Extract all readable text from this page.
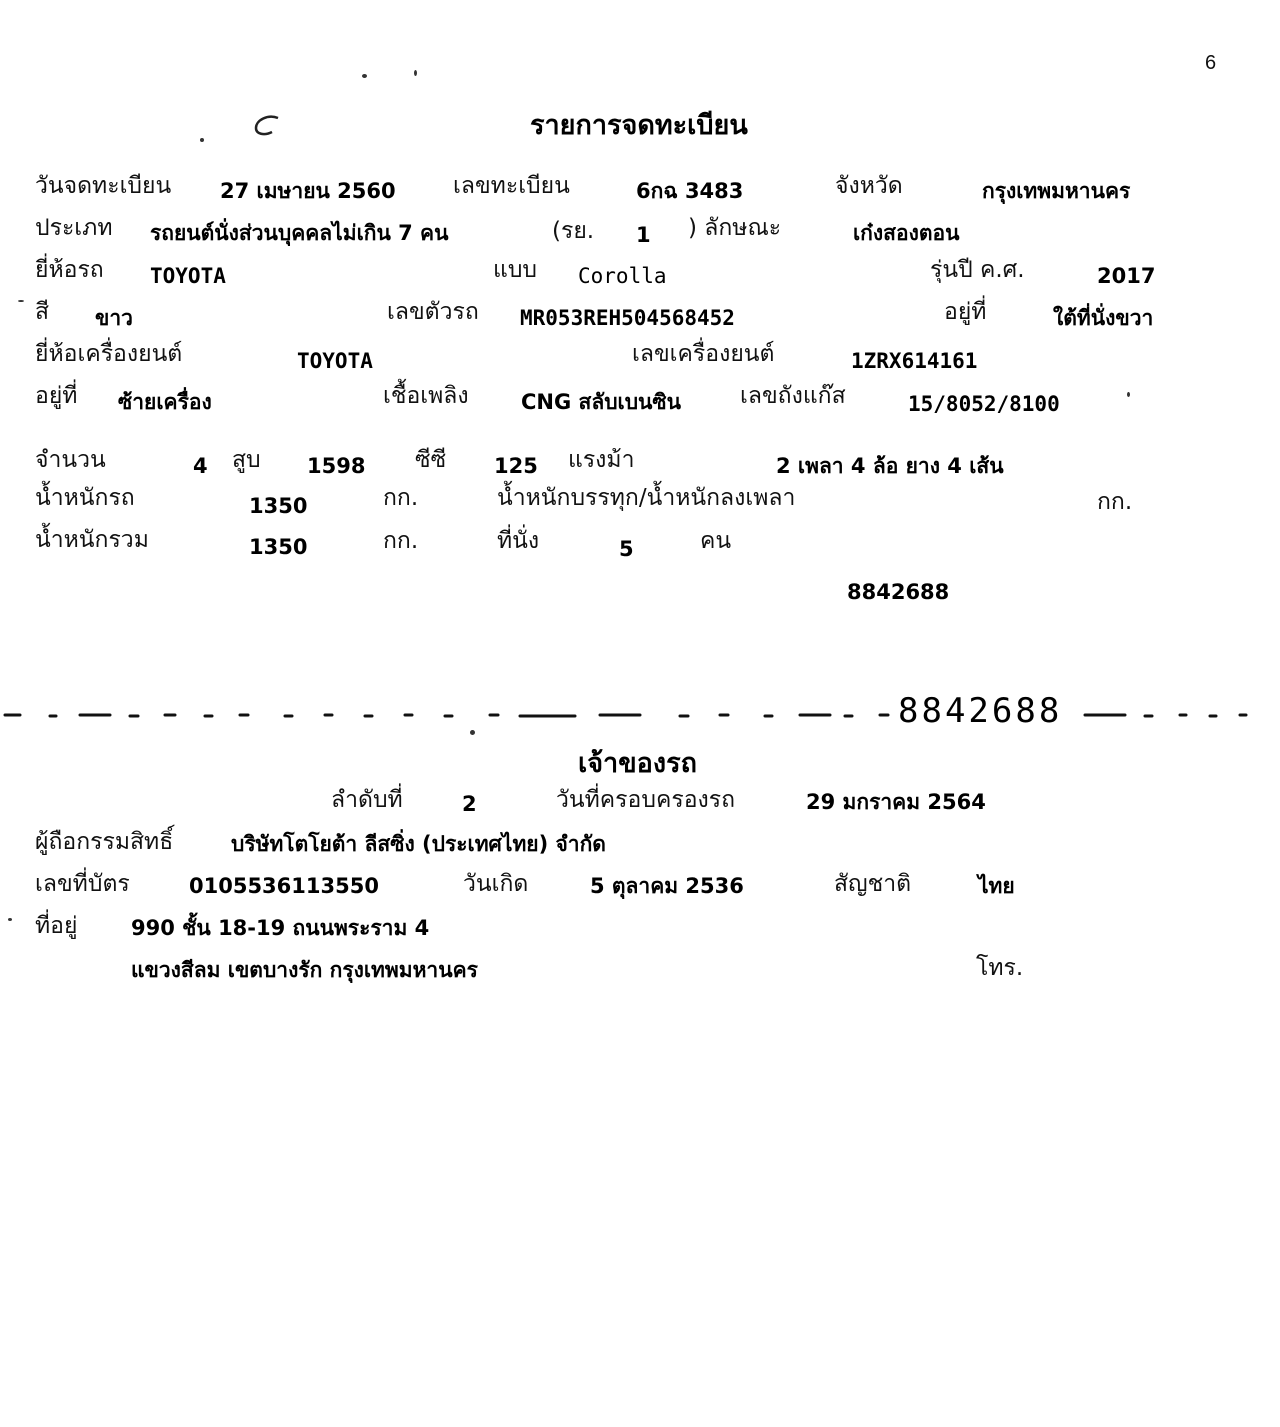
6
รายการจดทะเบียน
วันจดทะเบียน 27 เมษายน 2560 เลขทะเบียน	6กฉ 3483	จังหวัด	กรุงเทพมหานคร
ประเภท รถยนต์นั่งส่วนบุคคลไม่เกิน 7 คน	(รย. 1 ) ลักษณะ	เก๋งสองตอน
ยี่ห้อรถ TOYOTA	แบบ Corolla	รุ่นปี ค.ศ.	2017
สี ขาว	เลขตัวรถ MR053REH504568452	อยู่ที่	ใต้ที่นั่งขวา
ยี่ห้อเครื่องยนต์	TOYOTA	เลขเครื่องยนต์	1ZRX614161
อยู่ที่ ซ้ายเครื่อง	เชื้อเพลิง CNG สลับเบนซิน	เลขถังแก๊ส	15/8052/8100
จำนวน	4 สูบ 1598 ซีซี 125 แรงม้า	2 เพลา 4 ล้อ ยาง 4 เส้น
น้ำหนักรถ	1350	กก.	น้ำหนักบรรทุก/น้ำหนักลงเพลา	กก.
น้ำหนักรวม	1350	กก.	ที่นั่ง	5	คน
8842688
8842688
เจ้าของรถ
ลำดับที่	2	วันที่ครอบครองรถ	29 มกราคม 2564
ผู้ถือกรรมสิทธิ์	บริษัทโตโยต้า ลีสซิ่ง (ประเทศไทย) จำกัด
เลขที่บัตร	0105536113550	วันเกิด	5 ตุลาคม 2536	สัญชาติ	ไทย
ที่อยู่	990 ชั้น 18-19 ถนนพระราม 4
แขวงสีลม เขตบางรัก กรุงเทพมหานคร	โทร.
